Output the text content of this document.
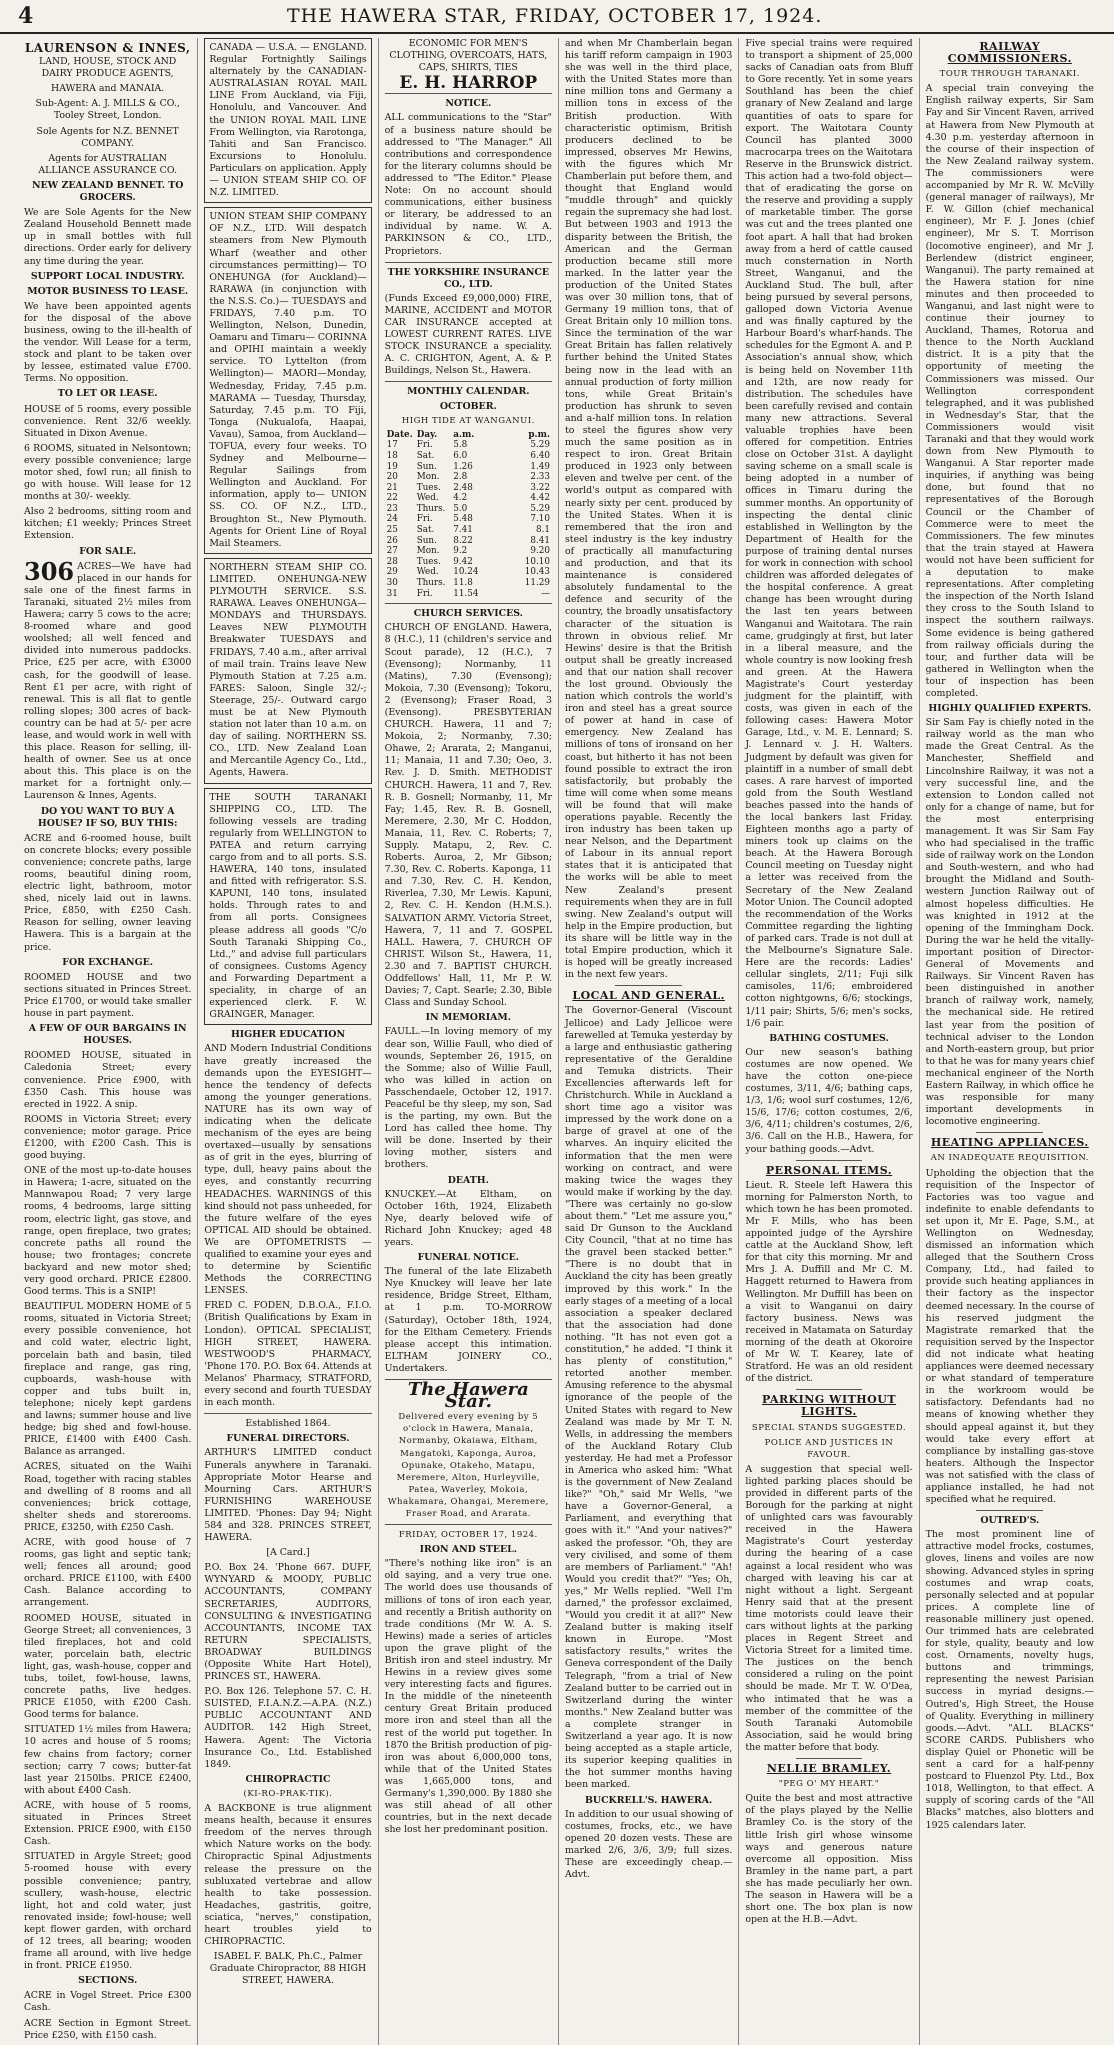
4	THE HAWERA STAR, FRIDAY, OCTOBER 17, 1924.
LAURENSON & INNES,

LAND, HOUSE, STOCK AND DAIRY PRODUCE AGENTS,

HAWERA and MANAIA.

Sub-Agent: A. J. MILLS & CO., Tooley Street, London.

Sole Agents for N.Z. BENNET COMPANY.

Agents for AUSTRALIAN ALLIANCE ASSURANCE CO.

NEW ZEALAND BENNET. TO GROCERS.

We are Sole Agents for the New Zealand Household Bennett made up in small bottles with full directions. Order early for delivery any time during the year.

SUPPORT LOCAL INDUSTRY.

MOTOR BUSINESS TO LEASE.

We have been appointed agents for the disposal of the above business, owing to the ill-health of the vendor. Will Lease for a term, stock and plant to be taken over by lessee, estimated value £700. Terms. No opposition.

TO LET OR LEASE.

HOUSE of 5 rooms, every possible convenience. Rent 32/6 weekly. Situated in Dixon Avenue.

6 ROOMS, situated in Nelsontown; every possible convenience; large motor shed, fowl run; all finish to go with house. Will lease for 12 months at 30/- weekly.

Also 2 bedrooms, sitting room and kitchen; £1 weekly; Princes Street Extension.

FOR SALE.

306 ACRES—We have had placed in our hands for sale one of the finest farms in Taranaki, situated 2½ miles from Hawera; carry 5 cows to the acre; 8-roomed whare and good woolshed; all well fenced and divided into numerous paddocks. Price, £25 per acre, with £3000 cash, for the goodwill of lease. Rent £1 per acre, with right of renewal. This is all flat to gentle rolling slopes; 300 acres of back-country can be had at 5/- per acre lease, and would work in well with this place. Reason for selling, ill-health of owner. See us at once about this. This place is on the market for a fortnight only.—Laurenson & Innes, Agents.

DO YOU WANT TO BUY A HOUSE? IF SO, BUY THIS:

ACRE and 6-roomed house, built on concrete blocks; every possible convenience; concrete paths, large rooms, beautiful dining room, electric light, bathroom, motor shed, nicely laid out in lawns. Price, £850, with £250 Cash. Reason for selling, owner leaving Hawera. This is a bargain at the price.

FOR EXCHANGE.

ROOMED HOUSE and two sections situated in Princes Street. Price £1700, or would take smaller house in part payment.

A FEW OF OUR BARGAINS IN HOUSES.

ROOMED HOUSE, situated in Caledonia Street; every convenience. Price £900, with £350 Cash. This house was erected in 1922. A snip.

ROOMS in Victoria Street; every convenience; motor garage. Price £1200, with £200 Cash. This is good buying.

ONE of the most up-to-date houses in Hawera; 1-acre, situated on the Mannwapou Road; 7 very large rooms, 4 bedrooms, large sitting room, electric light, gas stove, and range, open fireplace, two grates; concrete paths all round the house; two frontages; concrete backyard and new motor shed; very good orchard. PRICE £2800. Good terms. This is a SNIP!

BEAUTIFUL MODERN HOME of 5 rooms, situated in Victoria Street; every possible convenience, hot and cold water, electric light, porcelain bath and basin, tiled fireplace and range, gas ring, cupboards, wash-house with copper and tubs built in, telephone; nicely kept gardens and lawns; summer house and live hedge; big shed and fowl-house. PRICE, £1400 with £400 Cash. Balance as arranged.

ACRES, situated on the Waihi Road, together with racing stables and dwelling of 8 rooms and all conveniences; brick cottage, shelter sheds and storerooms. PRICE, £3250, with £250 Cash.

ACRE, with good house of 7 rooms, gas light and septic tank; well; fences all around; good orchard. PRICE £1100, with £400 Cash. Balance according to arrangement.

ROOMED HOUSE, situated in George Street; all conveniences, 3 tiled fireplaces, hot and cold water, porcelain bath, electric light, gas, wash-house, copper and tubs, toilet, fowl-house, lawns, concrete paths, live hedges. PRICE £1050, with £200 Cash. Good terms for balance.

SITUATED 1½ miles from Hawera; 10 acres and house of 5 rooms; few chains from factory; corner section; carry 7 cows; butter-fat last year 2150lbs. PRICE £2400, with about £400 Cash.

ACRE, with house of 5 rooms, situated in Princes Street Extension. PRICE £900, with £150 Cash.

SITUATED in Argyle Street; good 5-roomed house with every possible convenience; pantry, scullery, wash-house, electric light, hot and cold water, just renovated inside; fowl-house; well kept flower garden, with orchard of 12 trees, all bearing; wooden frame all around, with live hedge in front. PRICE £1950.

SECTIONS.

ACRE in Vogel Street. Price £300 Cash.

ACRE Section in Egmont Street. Price £250, with £150 cash.

CANADA — U.S.A. — ENGLAND. Regular Fortnightly Sailings alternately by the CANADIAN-AUSTRALASIAN ROYAL MAIL LINE From Auckland, via Fiji, Honolulu, and Vancouver. And the UNION ROYAL MAIL LINE From Wellington, via Rarotonga, Tahiti and San Francisco. Excursions to Honolulu. Particulars on application. Apply— UNION STEAM SHIP CO. OF N.Z. LIMITED.
UNION STEAM SHIP COMPANY OF N.Z., LTD. Will despatch steamers from New Plymouth Wharf (weather and other circumstances permitting)— TO ONEHUNGA (for Auckland)— RARAWA (in conjunction with the N.S.S. Co.)— TUESDAYS and FRIDAYS, 7.40 p.m. TO Wellington, Nelson, Dunedin, Oamaru and Timaru— CORINNA and OPIHI maintain a weekly service. TO Lyttelton (from Wellington)— MAORI—Monday, Wednesday, Friday, 7.45 p.m. MARAMA — Tuesday, Thursday, Saturday, 7.45 p.m. TO Fiji, Tonga (Nukualofa, Haapai, Vavau), Samoa, from Auckland— TOFUA, every four weeks. TO Sydney and Melbourne— Regular Sailings from Wellington and Auckland. For information, apply to— UNION SS. CO. OF N.Z., LTD., Broughton St., New Plymouth. Agents for Orient Line of Royal Mail Steamers.
NORTHERN STEAM SHIP CO. LIMITED. ONEHUNGA-NEW PLYMOUTH SERVICE. S.S. RARAWA. Leaves ONEHUNGA— MONDAYS and THURSDAYS. Leaves NEW PLYMOUTH Breakwater TUESDAYS and FRIDAYS, 7.40 a.m., after arrival of mail train. Trains leave New Plymouth Station at 7.25 a.m. FARES: Saloon, Single 32/-; Steerage, 25/-. Outward cargo must be at New Plymouth station not later than 10 a.m. on day of sailing. NORTHERN SS. CO., LTD. New Zealand Loan and Mercantile Agency Co., Ltd., Agents, Hawera.
THE SOUTH TARANAKI SHIPPING CO., LTD. The following vessels are trading regularly from WELLINGTON to PATEA and return carrying cargo from and to all ports. S.S. HAWERA, 140 tons, insulated and fitted with refrigerator. S.S. KAPUNI, 140 tons, insulated holds. Through rates to and from all ports. Consignees please address all goods "C/o South Taranaki Shipping Co., Ltd.," and advise full particulars of consignees. Customs Agency and Forwarding Department a speciality, in charge of an experienced clerk. F. W. GRAINGER, Manager.
HIGHER EDUCATION

AND Modern Industrial Conditions have greatly increased the demands upon the EYESIGHT—hence the tendency of defects among the younger generations. NATURE has its own way of indicating when the delicate mechanism of the eyes are being overtaxed—usually by sensations as of grit in the eyes, blurring of type, dull, heavy pains about the eyes, and constantly recurring HEADACHES. WARNINGS of this kind should not pass unheeded, for the future welfare of the eyes OPTICAL AID should be obtained. We are OPTOMETRISTS —qualified to examine your eyes and to determine by Scientific Methods the CORRECTING LENSES.

FRED C. FODEN, D.B.O.A., F.I.O. (British Qualifications by Exam in London). OPTICAL SPECIALIST, HIGH STREET, HAWERA. WESTWOOD'S PHARMACY, 'Phone 170. P.O. Box 64. Attends at Melanos' Pharmacy, STRATFORD, every second and fourth TUESDAY in each month.

Established 1864.

FUNERAL DIRECTORS.

ARTHUR'S LIMITED conduct Funerals anywhere in Taranaki. Appropriate Motor Hearse and Mourning Cars. ARTHUR'S FURNISHING WAREHOUSE LIMITED. 'Phones: Day 94; Night 584 and 328. PRINCES STREET, HAWERA.

[A Card.]

P.O. Box 24. 'Phone 667. DUFF, WYNYARD & MOODY, PUBLIC ACCOUNTANTS, COMPANY SECRETARIES, AUDITORS, CONSULTING & INVESTIGATING ACCOUNTANTS, INCOME TAX RETURN SPECIALISTS, BROADWAY BUILDINGS (Opposite White Hart Hotel), PRINCES ST., HAWERA.

P.O. Box 126. Telephone 57. C. H. SUISTED, F.I.A.N.Z.—A.P.A. (N.Z.) PUBLIC ACCOUNTANT AND AUDITOR. 142 High Street, Hawera. Agent: The Victoria Insurance Co., Ltd. Established 1849.

CHIROPRACTIC
(KI-RO-PRAK-TIK).

A BACKBONE is true alignment means health, because it ensures freedom of the nerves through which Nature works on the body. Chiropractic Spinal Adjustments release the pressure on the subluxated vertebrae and allow health to take possession. Headaches, gastritis, goitre, sciatica, "nerves," constipation, heart troubles yield to CHIROPRACTIC.

ISABEL F. BALK, Ph.C., Palmer Graduate Chiropractor, 88 HIGH STREET, HAWERA.

ECONOMIC FOR MEN'S CLOTHING, OVERCOATS, HATS, CAPS, SHIRTS, TIES

E. H. HARROP
NOTICE.

ALL communications to the "Star" of a business nature should be addressed to "The Manager." All contributions and correspondence for the literary columns should be addressed to "The Editor." Please Note: On no account should communications, either business or literary, be addressed to an individual by name. W. A. PARKINSON & CO., LTD., Proprietors.

THE YORKSHIRE INSURANCE CO., LTD.

(Funds Exceed £9,000,000) FIRE, MARINE, ACCIDENT and MOTOR CAR INSURANCE accepted at LOWEST CURRENT RATES. LIVE STOCK INSURANCE a speciality. A. C. CRIGHTON, Agent, A. & P. Buildings, Nelson St., Hawera.

MONTHLY CALENDAR.
OCTOBER.
HIGH TIDE AT WANGANUI.
Date.	Day.	a.m.	p.m.
17	Fri.	5.8	5.29
18	Sat.	6.0	6.40
19	Sun.	1.26	1.49
20	Mon.	2.8	2.33
21	Tues.	2.48	3.22
22	Wed.	4.2	4.42
23	Thurs.	5.0	5.29
24	Fri.	5.48	7.10
25	Sat.	7.41	8.1
26	Sun.	8.22	8.41
27	Mon.	9.2	9.20
28	Tues.	9.42	10.10
29	Wed.	10.24	10.43
30	Thurs.	11.8	11.29
31	Fri.	11.54	—
CHURCH SERVICES.

CHURCH OF ENGLAND. Hawera, 8 (H.C.), 11 (children's service and Scout parade), 12 (H.C.), 7 (Evensong); Normanby, 11 (Matins), 7.30 (Evensong); Mokoia, 7.30 (Evensong); Tokoru, 2 (Evensong); Fraser Road, 3 (Evensong). PRESBYTERIAN CHURCH. Hawera, 11 and 7; Mokoia, 2; Normanby, 7.30; Ohawe, 2; Ararata, 2; Manganui, 11; Manaia, 11 and 7.30; Oeo, 3. Rev. J. D. Smith. METHODIST CHURCH. Hawera, 11 and 7, Rev. R. B. Gosnell; Normanby, 11, Mr Fay; 1.45, Rev. R. B. Gosnell, Meremere, 2.30, Mr C. Hoddon, Manaia, 11, Rev. C. Roberts; 7, Supply. Matapu, 2, Rev. C. Roberts. Auroa, 2, Mr Gibson; 7.30, Rev. C. Roberts. Kaponga, 11 and 7.30, Rev. C. H. Kendon, Riverlea, 7.30, Mr Lewis. Kapuni, 2, Rev. C. H. Kendon (H.M.S.). SALVATION ARMY. Victoria Street, Hawera, 7, 11 and 7. GOSPEL HALL. Hawera, 7. CHURCH OF CHRIST. Wilson St., Hawera, 11, 2.30 and 7. BAPTIST CHURCH. Oddfellows' Hall, 11, Mr P. W. Davies; 7, Capt. Searle; 2.30, Bible Class and Sunday School.

IN MEMORIAM.

FAULL.—In loving memory of my dear son, Willie Faull, who died of wounds, September 26, 1915, on the Somme; also of Willie Faull, who was killed in action on Passchendaele, October 12, 1917. Peaceful be thy sleep, my son, Sad is the parting, my own. But the Lord has called thee home. Thy will be done. Inserted by their loving mother, sisters and brothers.

DEATH.

KNUCKEY.—At Eltham, on October 16th, 1924, Elizabeth Nye, dearly beloved wife of Richard John Knuckey; aged 48 years.

FUNERAL NOTICE.

The funeral of the late Elizabeth Nye Knuckey will leave her late residence, Bridge Street, Eltham, at 1 p.m. TO-MORROW (Saturday), October 18th, 1924, for the Eltham Cemetery. Friends please accept this intimation. ELTHAM JOINERY CO., Undertakers.

The Hawera Star.
Delivered every evening by 5 o'clock in Hawera, Manaia, Normanby, Okaiawa, Eltham, Mangatoki, Kaponga, Auroa, Opunake, Otakeho, Matapu, Meremere, Alton, Hurleyville, Patea, Waverley, Mokoia, Whakamara, Ohangai, Meremere, Fraser Road, and Ararata.
FRIDAY, OCTOBER 17, 1924.
IRON AND STEEL.

"There's nothing like iron" is an old saying, and a very true one. The world does use thousands of millions of tons of iron each year, and recently a British authority on trade conditions (Mr W. A. S. Hewins) made a series of articles upon the grave plight of the British iron and steel industry. Mr Hewins in a review gives some very interesting facts and figures. In the middle of the nineteenth century Great Britain produced more iron and steel than all the rest of the world put together. In 1870 the British production of pig-iron was about 6,000,000 tons, while that of the United States was 1,665,000 tons, and Germany's 1,390,000. By 1880 she was still ahead of all other countries, but in the next decade she lost her predominant position.

and when Mr Chamberlain began his tariff reform campaign in 1903 she was well in the third place, with the United States more than nine million tons and Germany a million tons in excess of the British production. With characteristic optimism, British producers declined to be impressed, observes Mr Hewins, with the figures which Mr Chamberlain put before them, and thought that England would "muddle through" and quickly regain the supremacy she had lost. But between 1903 and 1913 the disparity between the British, the American and the German production became still more marked. In the latter year the production of the United States was over 30 million tons, that of Germany 19 million tons, that of Great Britain only 10 million tons. Since the termination of the war Great Britain has fallen relatively further behind the United States being now in the lead with an annual production of forty million tons, while Great Britain's production has shrunk to seven and a-half million tons. In relation to steel the figures show very much the same position as in respect to iron. Great Britain produced in 1923 only between eleven and twelve per cent. of the world's output as compared with nearly sixty per cent. produced by the United States. When it is remembered that the iron and steel industry is the key industry of practically all manufacturing and production, and that its maintenance is considered absolutely fundamental to the defence and security of the country, the broadly unsatisfactory character of the situation is thrown in obvious relief. Mr Hewins' desire is that the British output shall be greatly increased and that our nation shall recover the lost ground. Obviously the nation which controls the world's iron and steel has a great source of power at hand in case of emergency. New Zealand has millions of tons of ironsand on her coast, but hitherto it has not been found possible to extract the iron satisfactorily, but probably the time will come when some means will be found that will make operations payable. Recently the iron industry has been taken up near Nelson, and the Department of Labour in its annual report states that it is anticipated that the works will be able to meet New Zealand's present requirements when they are in full swing. New Zealand's output will help in the Empire production, but its share will be little way in the total Empire production, which it is hoped will be greatly increased in the next few years.

LOCAL AND GENERAL.

The Governor-General (Viscount Jellicoe) and Lady Jellicoe were farewelled at Temuka yesterday by a large and enthusiastic gathering representative of the Geraldine and Temuka districts. Their Excellencies afterwards left for Christchurch. While in Auckland a short time ago a visitor was impressed by the work done on a barge of gravel at one of the wharves. An inquiry elicited the information that the men were working on contract, and were making twice the wages they would make if working by the day. "There was certainly no go-slow about them." "Let me assure you," said Dr Gunson to the Auckland City Council, "that at no time has the gravel been stacked better." "There is no doubt that in Auckland the city has been greatly improved by this work." In the early stages of a meeting of a local association a speaker declared that the association had done nothing. "It has not even got a constitution," he added. "I think it has plenty of constitution," retorted another member. Amusing reference to the abysmal ignorance of the people of the United States with regard to New Zealand was made by Mr T. N. Wells, in addressing the members of the Auckland Rotary Club yesterday. He had met a Professor in America who asked him: "What is the government of New Zealand like?" "Oh," said Mr Wells, "we have a Governor-General, a Parliament, and everything that goes with it." "And your natives?" asked the professor. "Oh, they are very civilised, and some of them are members of Parliament." "Ah! Would you credit that?" "Yes; Oh, yes," Mr Wells replied. "Well I'm darned," the professor exclaimed, "Would you credit it at all?" New Zealand butter is making itself known in Europe. "Most satisfactory results," writes the Geneva correspondent of the Daily Telegraph, "from a trial of New Zealand butter to be carried out in Switzerland during the winter months." New Zealand butter was a complete stranger in Switzerland a year ago. It is now being accepted as a staple article, its superior keeping qualities in the hot summer months having been marked.

BUCKRELL'S. HAWERA.

In addition to our usual showing of costumes, frocks, etc., we have opened 20 dozen vests. These are marked 2/6, 3/6, 3/9; full sizes. These are exceedingly cheap.—Advt.

Five special trains were required to transport a shipment of 25,000 sacks of Canadian oats from Bluff to Gore recently. Yet in some years Southland has been the chief granary of New Zealand and large quantities of oats to spare for export. The Waitotara County Council has planted 3000 macrocarpa trees on the Waitotara Reserve in the Brunswick district. This action had a two-fold object—that of eradicating the gorse on the reserve and providing a supply of marketable timber. The gorse was cut and the trees planted one foot apart. A hall that had broken away from a herd of cattle caused much consternation in North Street, Wanganui, and the Auckland Stud. The bull, after being pursued by several persons, galloped down Victoria Avenue and was finally captured by the Harbour Board's wharf-hands. The schedules for the Egmont A. and P. Association's annual show, which is being held on November 11th and 12th, are now ready for distribution. The schedules have been carefully revised and contain many new attractions. Several valuable trophies have been offered for competition. Entries close on October 31st. A daylight saving scheme on a small scale is being adopted in a number of offices in Timaru during the summer months. An opportunity of inspecting the dental clinic established in Wellington by the Department of Health for the purpose of training dental nurses for work in connection with school children was afforded delegates of the hospital conference. A great change has been wrought during the last ten years between Wanganui and Waitotara. The rain came, grudgingly at first, but later in a liberal measure, and the whole country is now looking fresh and green. At the Hawera Magistrate's Court yesterday judgment for the plaintiff, with costs, was given in each of the following cases: Hawera Motor Garage, Ltd., v. M. E. Lennard; S. J. Lennard v. J. H. Walters. Judgment by default was given for plaintiff in a number of small debt cases. A rare harvest of imported gold from the South Westland beaches passed into the hands of the local bankers last Friday. Eighteen months ago a party of miners took up claims on the beach. At the Hawera Borough Council meeting on Tuesday night a letter was received from the Secretary of the New Zealand Motor Union. The Council adopted the recommendation of the Works Committee regarding the lighting of parked cars. Trade is not dull at the Melbourne's Signature Sale. Here are the records: Ladies' cellular singlets, 2/11; Fuji silk camisoles, 11/6; embroidered cotton nightgowns, 6/6; stockings, 1/11 pair; Shirts, 5/6; men's socks, 1/6 pair.

BATHING COSTUMES.

Our new season's bathing costumes are now opened. We have the cotton one-piece costumes, 3/11, 4/6; bathing caps, 1/3, 1/6; wool surf costumes, 12/6, 15/6, 17/6; cotton costumes, 2/6, 3/6, 4/11; children's costumes, 2/6, 3/6. Call on the H.B., Hawera, for your bathing goods.—Advt.

PERSONAL ITEMS.

Lieut. R. Steele left Hawera this morning for Palmerston North, to which town he has been promoted. Mr F. Mills, who has been appointed judge of the Ayrshire cattle at the Auckland Show, left for that city this morning. Mr and Mrs J. A. Duffill and Mr C. M. Haggett returned to Hawera from Wellington. Mr Duffill has been on a visit to Wanganui on dairy factory business. News was received in Matamata on Saturday morning of the death at Okoroire of Mr W. T. Kearey, late of Stratford. He was an old resident of the district.

PARKING WITHOUT LIGHTS.
SPECIAL STANDS SUGGESTED.
POLICE AND JUSTICES IN FAVOUR.

A suggestion that special well-lighted parking places should be provided in different parts of the Borough for the parking at night of unlighted cars was favourably received in the Hawera Magistrate's Court yesterday during the hearing of a case against a local resident who was charged with leaving his car at night without a light. Sergeant Henry said that at the present time motorists could leave their cars without lights at the parking places in Regent Street and Victoria Street for a limited time. The justices on the bench considered a ruling on the point should be made. Mr T. W. O'Dea, who intimated that he was a member of the committee of the South Taranaki Automobile Association, said he would bring the matter before that body.

NELLIE BRAMLEY.
"PEG O' MY HEART."

Quite the best and most attractive of the plays played by the Nellie Bramley Co. is the story of the little Irish girl whose winsome ways and generous nature overcome all opposition. Miss Bramley in the name part, a part she has made peculiarly her own. The season in Hawera will be a short one. The box plan is now open at the H.B.—Advt.

RAILWAY COMMISSIONERS.
TOUR THROUGH TARANAKI.

A special train conveying the English railway experts, Sir Sam Fay and Sir Vincent Raven, arrived at Hawera from New Plymouth at 4.30 p.m. yesterday afternoon in the course of their inspection of the New Zealand railway system. The commissioners were accompanied by Mr R. W. McVilly (general manager of railways), Mr F. W. Gillon (chief mechanical engineer), Mr F. J. Jones (chief engineer), Mr S. T. Morrison (locomotive engineer), and Mr J. Berlendew (district engineer, Wanganui). The party remained at the Hawera station for nine minutes and then proceeded to Wanganui, and last night were to continue their journey to Auckland, Thames, Rotorua and thence to the North Auckland district. It is a pity that the opportunity of meeting the Commissioners was missed. Our Wellington correspondent telegraphed, and it was published in Wednesday's Star, that the Commissioners would visit Taranaki and that they would work down from New Plymouth to Wanganui. A Star reporter made inquiries, if anything was being done, but found that no representatives of the Borough Council or the Chamber of Commerce were to meet the Commissioners. The few minutes that the train stayed at Hawera would not have been sufficient for a deputation to make representations. After completing the inspection of the North Island they cross to the South Island to inspect the southern railways. Some evidence is being gathered from railway officials during the tour, and further data will be gathered in Wellington when the tour of inspection has been completed.

HIGHLY QUALIFIED EXPERTS.

Sir Sam Fay is chiefly noted in the railway world as the man who made the Great Central. As the Manchester, Sheffield and Lincolnshire Railway, it was not a very successful line, and the extension to London called not only for a change of name, but for the most enterprising management. It was Sir Sam Fay who had specialised in the traffic side of railway work on the London and South-western, and who had brought the Midland and South-western Junction Railway out of almost hopeless difficulties. He was knighted in 1912 at the opening of the Immingham Dock. During the war he held the vitally-important position of Director-General of Movements and Railways. Sir Vincent Raven has been distinguished in another branch of railway work, namely, the mechanical side. He retired last year from the position of technical adviser to the London and North-eastern group, but prior to that he was for many years chief mechanical engineer of the North Eastern Railway, in which office he was responsible for many important developments in locomotive engineering.

HEATING APPLIANCES.
AN INADEQUATE REQUISITION.

Upholding the objection that the requisition of the Inspector of Factories was too vague and indefinite to enable defendants to set upon it, Mr E. Page, S.M., at Wellington on Wednesday, dismissed an information which alleged that the Southern Cross Company, Ltd., had failed to provide such heating appliances in their factory as the inspector deemed necessary. In the course of his reserved judgment the Magistrate remarked that the requisition served by the Inspector did not indicate what heating appliances were deemed necessary or what standard of temperature in the workroom would be satisfactory. Defendants had no means of knowing whether they should appeal against it, but they would take every effort at compliance by installing gas-stove heaters. Although the Inspector was not satisfied with the class of appliance installed, he had not specified what he required.

OUTRED'S.

The most prominent line of attractive model frocks, costumes, gloves, linens and voiles are now showing. Advanced styles in spring costumes and wrap coats, personally selected and at popular prices. A complete line of reasonable millinery just opened. Our trimmed hats are celebrated for style, quality, beauty and low cost. Ornaments, novelty hugs, buttons and trimmings, representing the newest Parisian success in myriad designs.—Outred's, High Street, the House of Quality. Everything in millinery goods.—Advt. "ALL BLACKS" SCORE CARDS. Publishers who display Quiel or Phonetic will be sent a card for a half-penny postcard to Fluenzol Pty. Ltd., Box 1018, Wellington, to that effect. A supply of scoring cards of the "All Blacks" matches, also blotters and 1925 calendars later.
